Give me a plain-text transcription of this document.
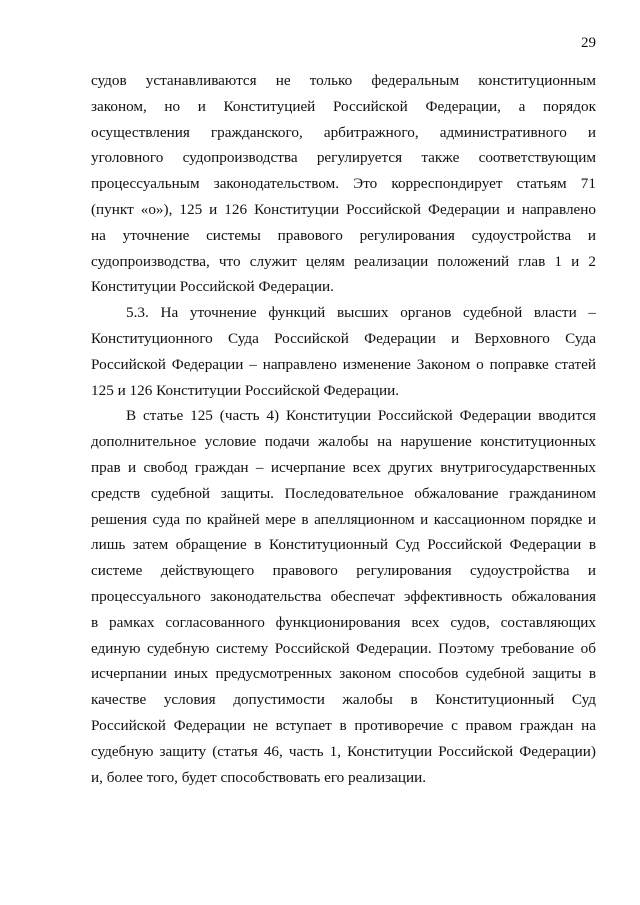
29
судов устанавливаются не только федеральным конституционным
законом, но и Конституцией Российской Федерации, а порядок
осуществления гражданского, арбитражного, административного и
уголовного судопроизводства регулируется также соответствующим
процессуальным законодательством. Это корреспондирует статьям 71
(пункт «о»), 125 и 126 Конституции Российской Федерации и направлено
на уточнение системы правового регулирования судоустройства и
судопроизводства, что служит целям реализации положений глав 1 и 2
Конституции Российской Федерации.
5.3. На уточнение функций высших органов судебной власти –
Конституционного Суда Российской Федерации и Верховного Суда
Российской Федерации – направлено изменение Законом о поправке статей
125 и 126 Конституции Российской Федерации.
В статье 125 (часть 4) Конституции Российской Федерации вводится
дополнительное условие подачи жалобы на нарушение конституционных
прав и свобод граждан – исчерпание всех других внутригосударственных
средств судебной защиты. Последовательное обжалование гражданином
решения суда по крайней мере в апелляционном и кассационном порядке и
лишь затем обращение в Конституционный Суд Российской Федерации в
системе действующего правового регулирования судоустройства и
процессуального законодательства обеспечат эффективность обжалования
в рамках согласованного функционирования всех судов, составляющих
единую судебную систему Российской Федерации. Поэтому требование об
исчерпании иных предусмотренных законом способов судебной защиты в
качестве условия допустимости жалобы в Конституционный Суд
Российской Федерации не вступает в противоречие с правом граждан на
судебную защиту (статья 46, часть 1, Конституции Российской Федерации)
и, более того, будет способствовать его реализации.
